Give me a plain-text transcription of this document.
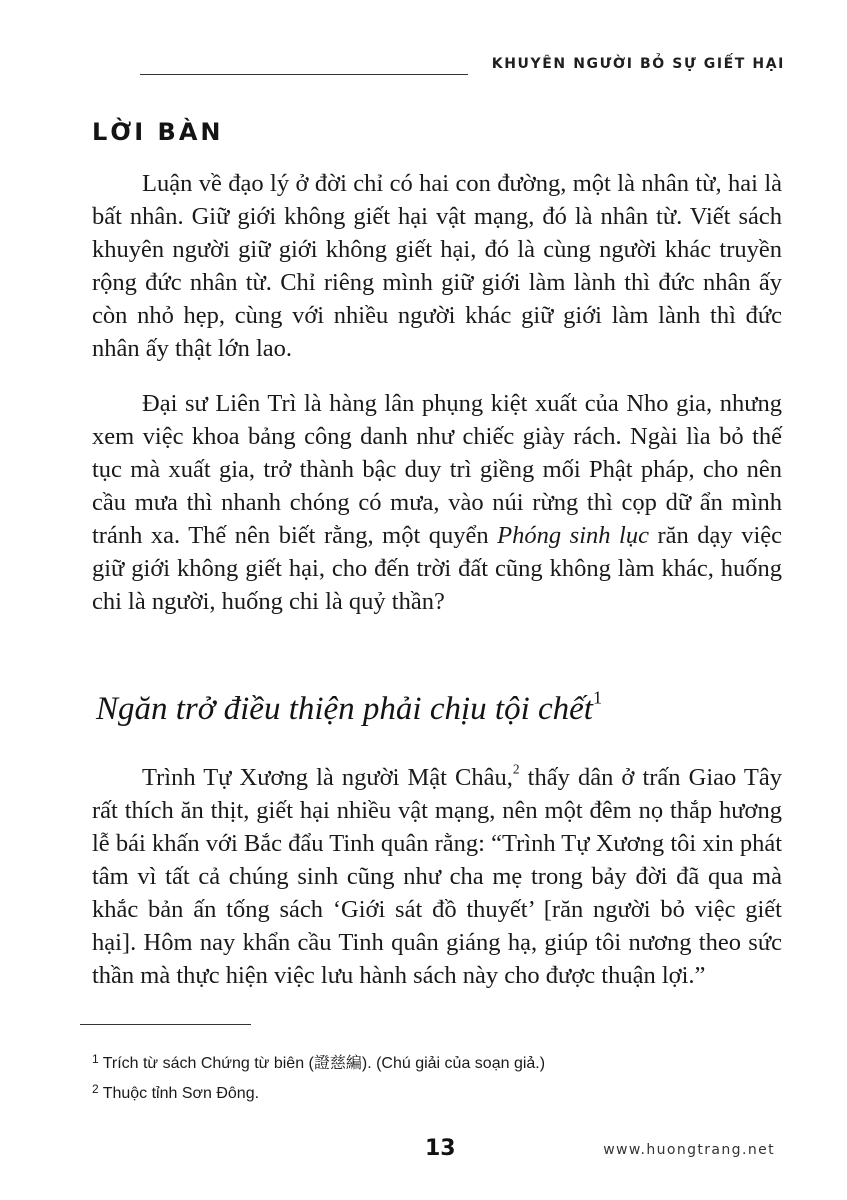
KHUYÊN NGƯỜI BỎ SỰ GIẾT HẠI
LỜI BÀN

Luận về đạo lý ở đời chỉ có hai con đường, một là nhân từ, hai là bất nhân. Giữ giới không giết hại vật mạng, đó là nhân từ. Viết sách khuyên người giữ giới không giết hại, đó là cùng người khác truyền rộng đức nhân từ. Chỉ riêng mình giữ giới làm lành thì đức nhân ấy còn nhỏ hẹp, cùng với nhiều người khác giữ giới làm lành thì đức nhân ấy thật lớn lao.

Đại sư Liên Trì là hàng lân phụng kiệt xuất của Nho gia, nhưng xem việc khoa bảng công danh như chiếc giày rách. Ngài lìa bỏ thế tục mà xuất gia, trở thành bậc duy trì giềng mối Phật pháp, cho nên cầu mưa thì nhanh chóng có mưa, vào núi rừng thì cọp dữ ẩn mình tránh xa. Thế nên biết rằng, một quyển Phóng sinh lục răn dạy việc giữ giới không giết hại, cho đến trời đất cũng không làm khác, huống chi là người, huống chi là quỷ thần?

Ngăn trở điều thiện phải chịu tội chết$^1$

Trình Tự Xương là người Mật Châu,$^2$ thấy dân ở trấn Giao Tây rất thích ăn thịt, giết hại nhiều vật mạng, nên một đêm nọ thắp hương lễ bái khấn với Bắc đẩu Tinh quân rằng: “Trình Tự Xương tôi xin phát tâm vì tất cả chúng sinh cũng như cha mẹ trong bảy đời đã qua mà khắc bản ấn tống sách ‘Giới sát đồ thuyết’ [răn người bỏ việc giết hại]. Hôm nay khẩn cầu Tinh quân giáng hạ, giúp tôi nương theo sức thần mà thực hiện việc lưu hành sách này cho được thuận lợi.”

$^1$ Trích từ sách Chứng từ biên (證慈編). (Chú giải của soạn giả.)
$^2$ Thuộc tỉnh Sơn Đông.
13	www.huongtrang.net
